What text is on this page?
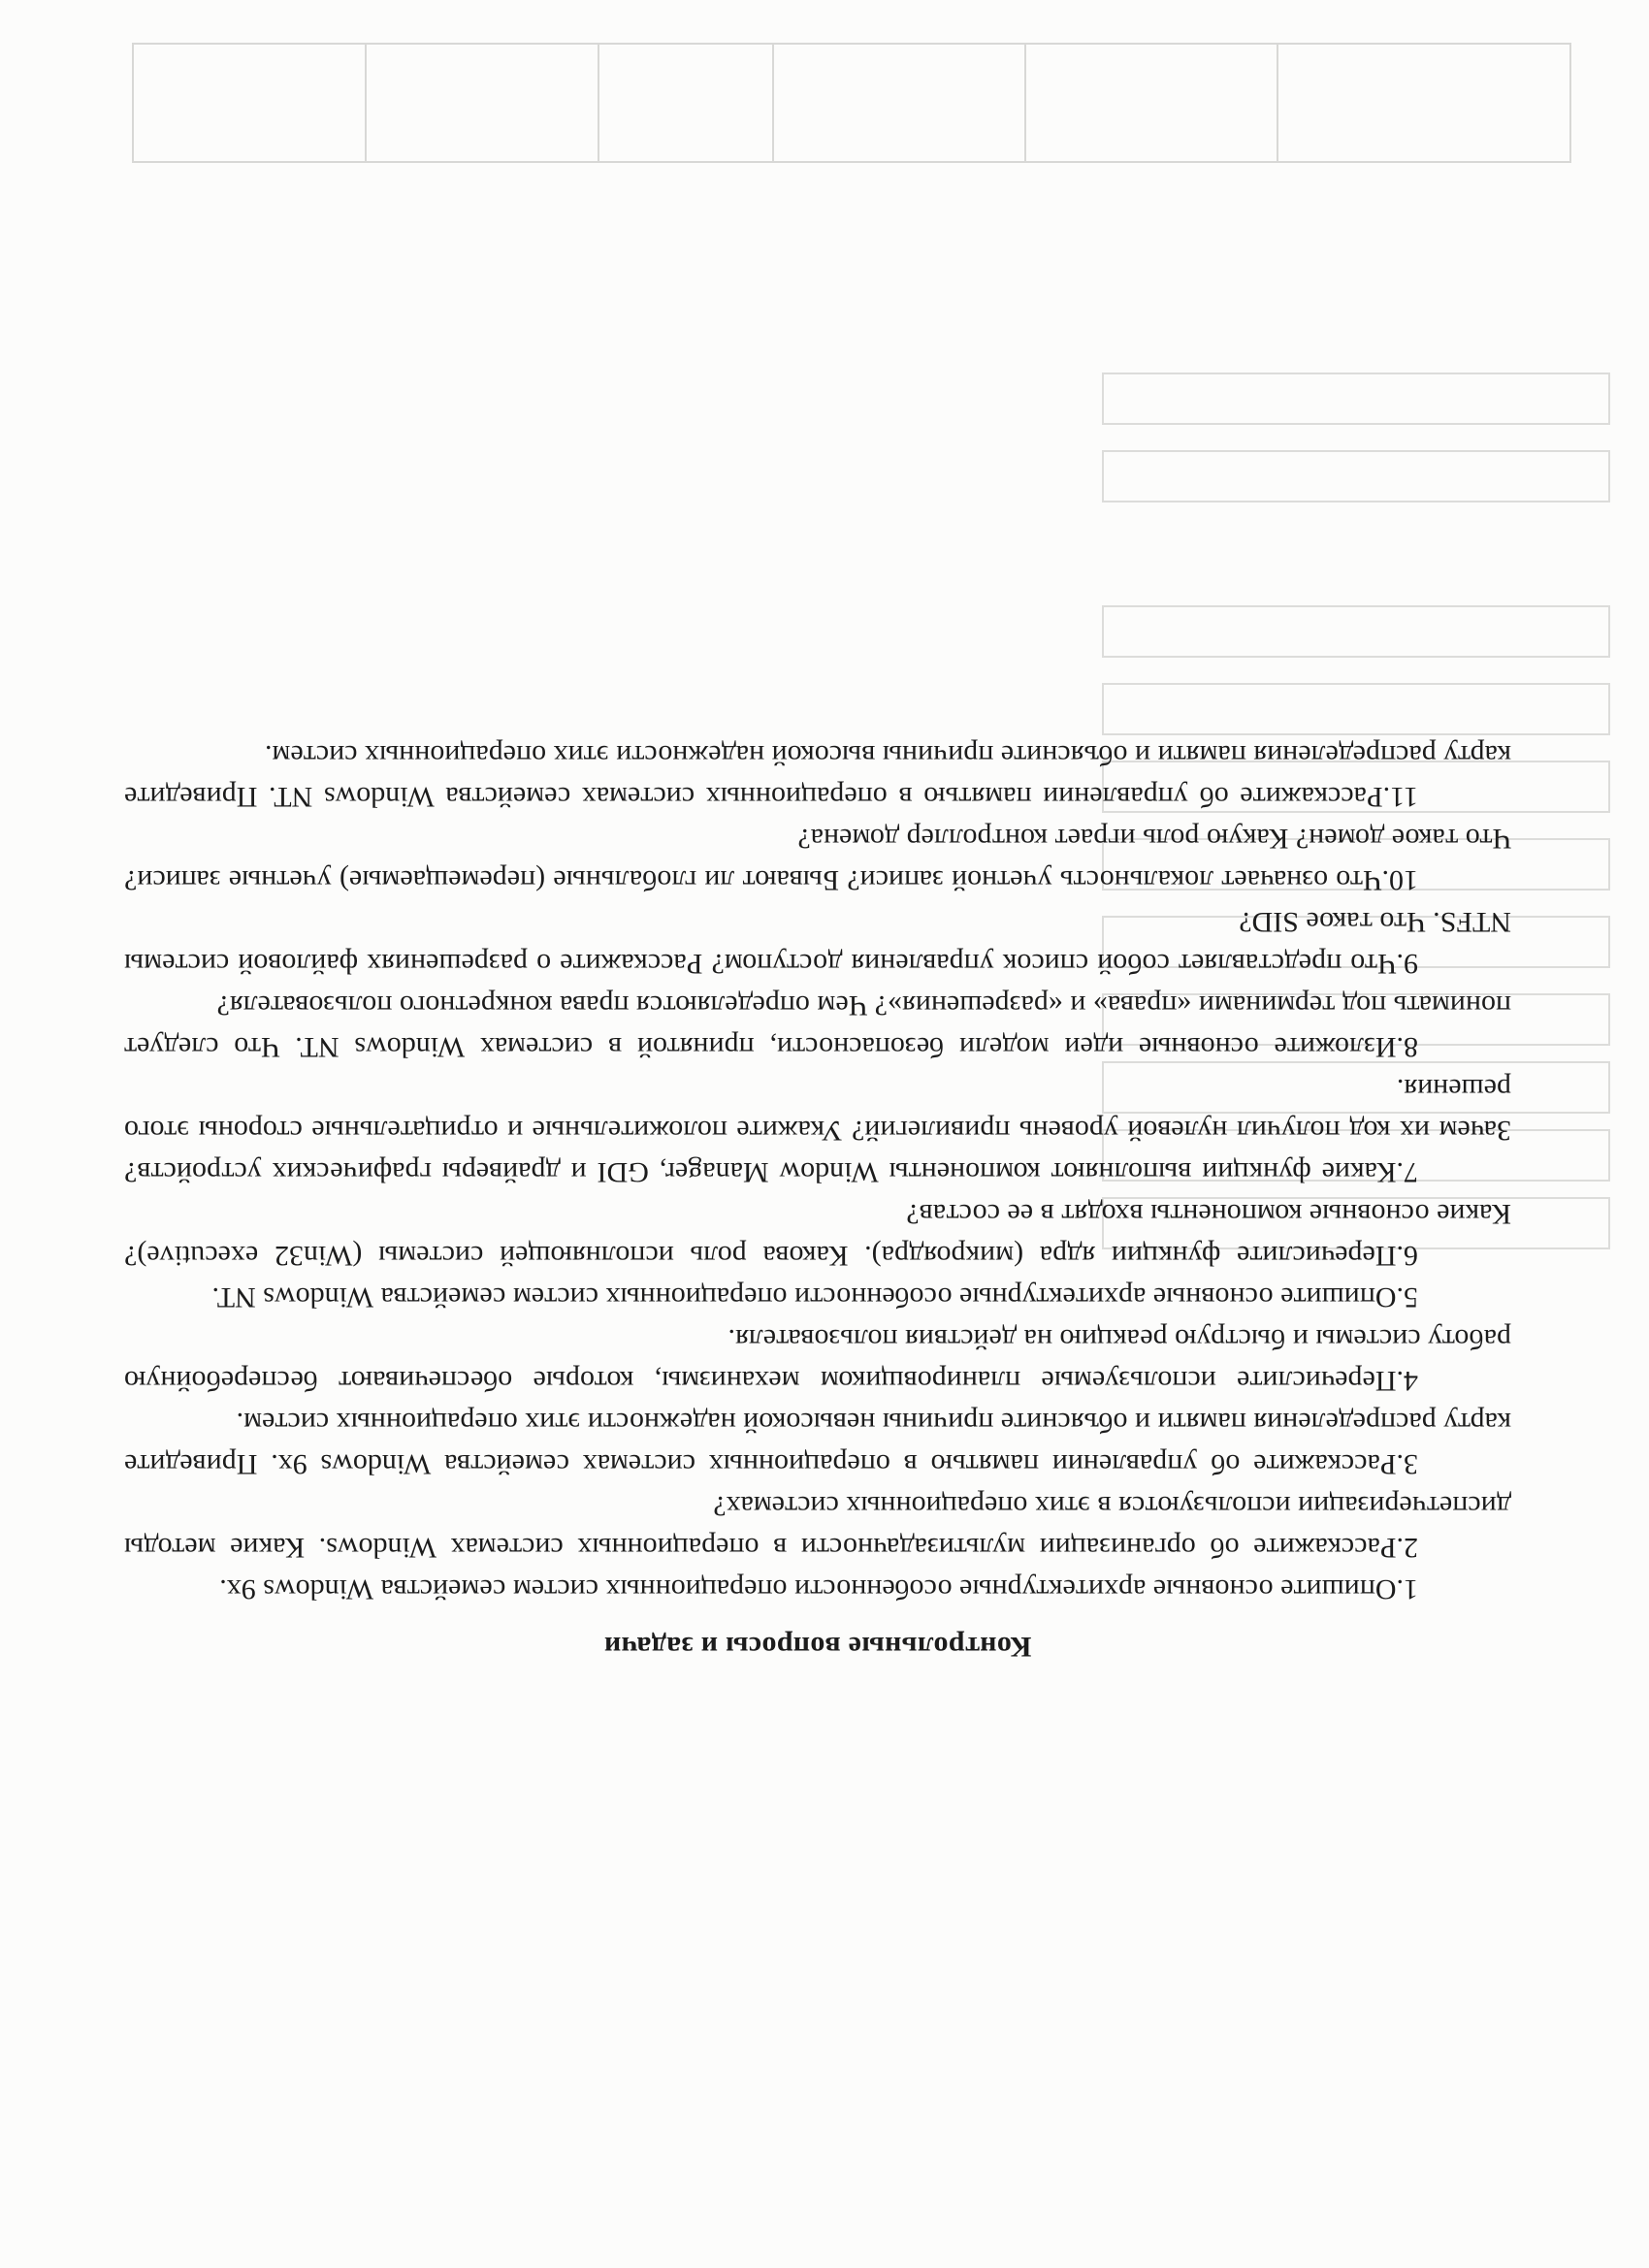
Контрольные вопросы и задачи
1.Опишите основные архитектурные особенности операционных систем семейства Windows 9x.
2.Расскажите об организации мультизадачности в операционных системах Windows. Какие методы диспетчеризации используются в этих операционных системах?
3.Расскажите об управлении памятью в операционных системах семейства Windows 9x. Приведите карту распределения памяти и объясните причины невысокой надежности этих операционных систем.
4.Перечислите используемые планировщиком механизмы, которые обеспечивают бесперебойную работу системы и быструю реакцию на действия пользователя.
5.Опишите основные архитектурные особенности операционных систем семейства Windows NT.
6.Перечислите функции ядра (микроядра). Какова роль исполняющей системы (Win32 executive)? Какие основные компоненты входят в ее состав?
7.Какие функции выполняют компоненты Window Manager, GDI и драйверы графических устройств? Зачем их код получил нулевой уровень привилегий? Укажите положительные и отрицательные стороны этого решения.
8.Изложите основные идеи модели безопасности, принятой в системах Windows NT. Что следует понимать под терминами «права» и «разрешения»? Чем определяются права конкретного пользователя?
9.Что представляет собой список управления доступом? Расскажите о разрешениях файловой системы NTFS. Что такое SID?
10.Что означает локальность учетной записи? Бывают ли глобальные (перемещаемые) учетные записи? Что такое домен? Какую роль играет контроллер домена?
11.Расскажите об управлении памятью в операционных системах семейства Windows NT. Приведите карту распределения памяти и объясните причины высокой надежности этих операционных систем.
